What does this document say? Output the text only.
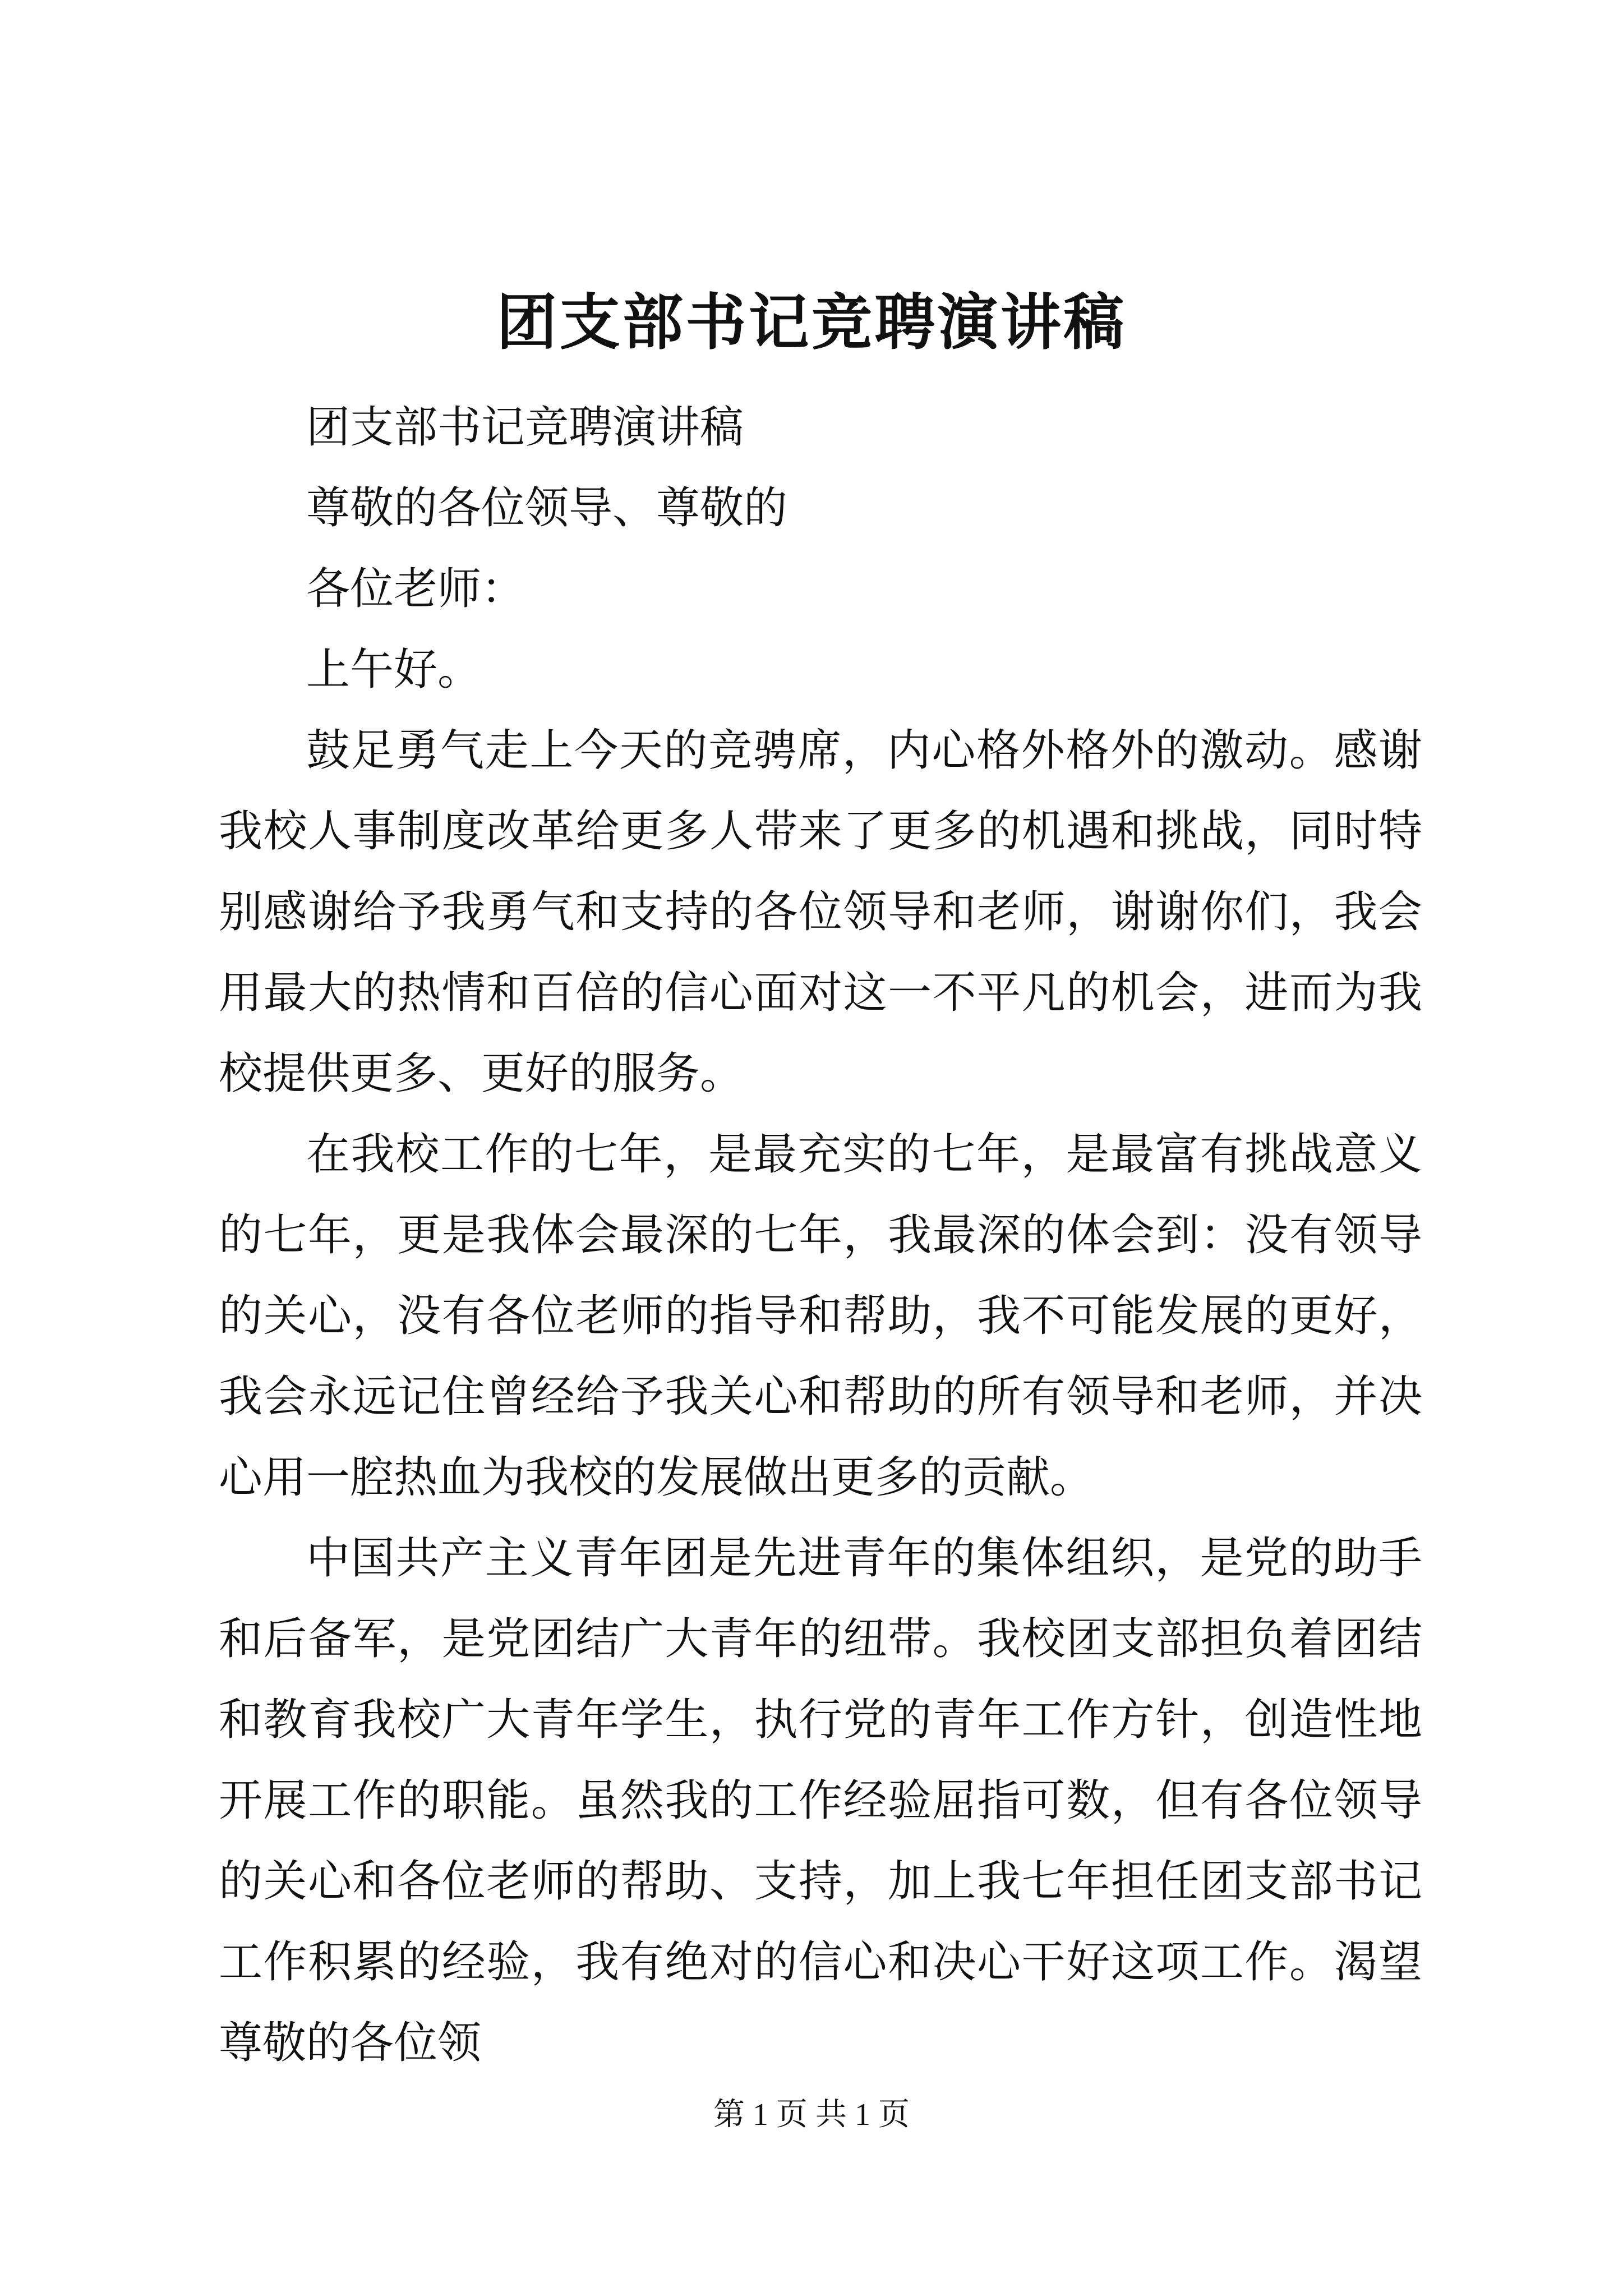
团支部书记竞聘演讲稿

团支部书记竞聘演讲稿

尊敬的各位领导、尊敬的

各位老师：

上午好。

鼓足勇气走上今天的竞骋席，内心格外格外的激动。感谢我校人事制度改革给更多人带来了更多的机遇和挑战，同时特别感谢给予我勇气和支持的各位领导和老师，谢谢你们，我会用最大的热情和百倍的信心面对这一不平凡的机会，进而为我校提供更多、更好的服务。

在我校工作的七年，是最充实的七年，是最富有挑战意义的七年，更是我体会最深的七年，我最深的体会到：没有领导的关心，没有各位老师的指导和帮助，我不可能发展的更好，我会永远记住曾经给予我关心和帮助的所有领导和老师，并决心用一腔热血为我校的发展做出更多的贡献。

中国共产主义青年团是先进青年的集体组织，是党的助手和后备军，是党团结广大青年的纽带。我校团支部担负着团结和教育我校广大青年学生，执行党的青年工作方针，创造性地开展工作的职能。虽然我的工作经验屈指可数，但有各位领导的关心和各位老师的帮助、支持，加上我七年担任团支部书记工作积累的经验，我有绝对的信心和决心干好这项工作。渴望尊敬的各位领

第 1 页 共 1 页
